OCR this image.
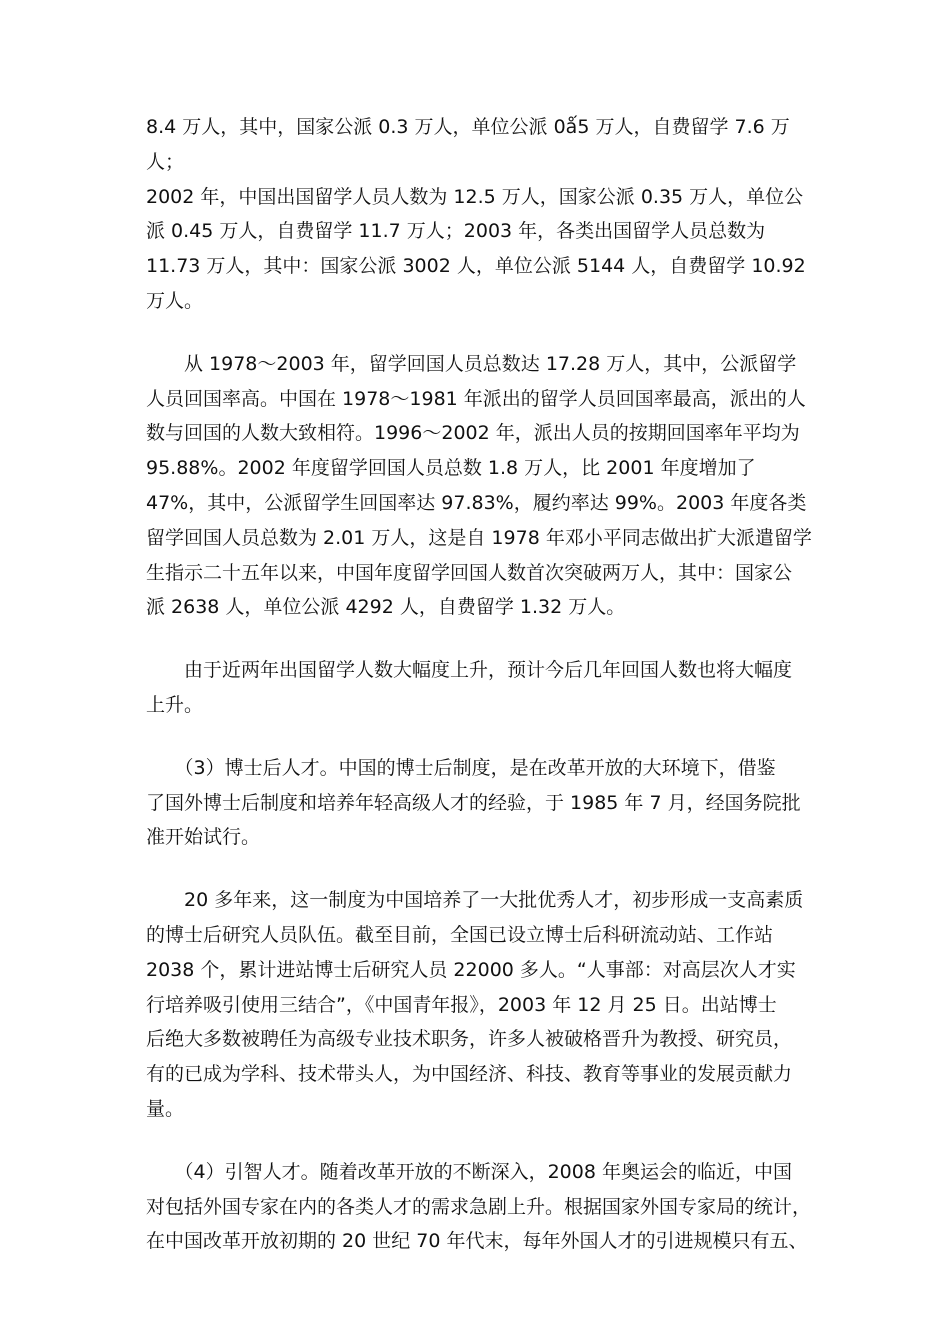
8.4 万人，其中，国家公派 0.3 万人，单位公派 0ǻ5 万人，自费留学 7.6 万人；
2002 年，中国出国留学人员人数为 12.5 万人，国家公派 0.35 万人，单位公
派 0.45 万人，自费留学 11.7 万人；2003 年，各类出国留学人员总数为
11.73 万人，其中：国家公派 3002 人，单位公派 5144 人，自费留学 10.92
万人。

　　从 1978～2003 年，留学回国人员总数达 17.28 万人，其中，公派留学
人员回国率高。中国在 1978～1981 年派出的留学人员回国率最高，派出的人
数与回国的人数大致相符。1996～2002 年，派出人员的按期回国率年平均为
95.88%。2002 年度留学回国人员总数 1.8 万人，比 2001 年度增加了
47%，其中，公派留学生回国率达 97.83%，履约率达 99%。2003 年度各类
留学回国人员总数为 2.01 万人，这是自 1978 年邓小平同志做出扩大派遣留学
生指示二十五年以来，中国年度留学回国人数首次突破两万人，其中：国家公
派 2638 人，单位公派 4292 人，自费留学 1.32 万人。

　　由于近两年出国留学人数大幅度上升，预计今后几年回国人数也将大幅度
上升。

　　（3）博士后人才。中国的博士后制度，是在改革开放的大环境下，借鉴
了国外博士后制度和培养年轻高级人才的经验，于 1985 年 7 月，经国务院批
准开始试行。

　　20 多年来，这一制度为中国培养了一大批优秀人才，初步形成一支高素质
的博士后研究人员队伍。截至目前，全国已设立博士后科研流动站、工作站
2038 个，累计进站博士后研究人员 22000 多人。“人事部：对高层次人才实
行培养吸引使用三结合”，《中国青年报》，2003 年 12 月 25 日。出站博士
后绝大多数被聘任为高级专业技术职务，许多人被破格晋升为教授、研究员，
有的已成为学科、技术带头人，为中国经济、科技、教育等事业的发展贡献力
量。

　　（4）引智人才。随着改革开放的不断深入，2008 年奥运会的临近，中国
对包括外国专家在内的各类人才的需求急剧上升。根据国家外国专家局的统计，
在中国改革开放初期的 20 世纪 70 年代末，每年外国人才的引进规模只有五、
